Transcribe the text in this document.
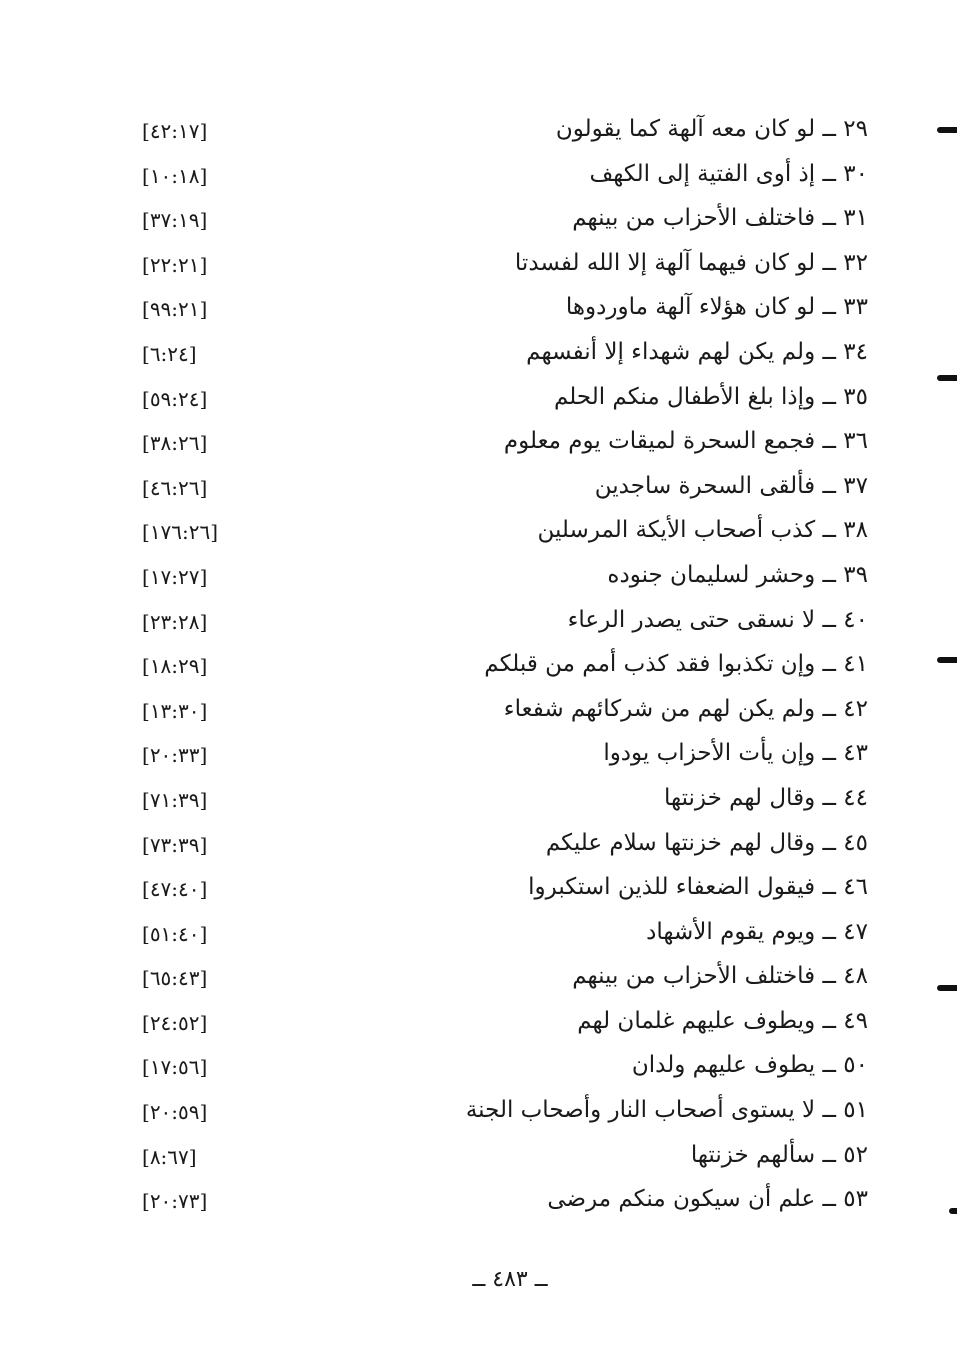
٢٩ ــ لو كان معه آلهة كما يقولون
[٤٢:١٧]
٣٠ ــ إذ أوى الفتية إلى الكهف
[١٠:١٨]
٣١ ــ فاختلف الأحزاب من بينهم
[٣٧:١٩]
٣٢ ــ لو كان فيهما آلهة إلا الله لفسدتا
[٢٢:٢١]
٣٣ ــ لو كان هؤلاء آلهة ماوردوها
[٩٩:٢١]
٣٤ ــ ولم يكن لهم شهداء إلا أنفسهم
[٦:٢٤]
٣٥ ــ وإذا بلغ الأطفال منكم الحلم
[٥٩:٢٤]
٣٦ ــ فجمع السحرة لميقات يوم معلوم
[٣٨:٢٦]
٣٧ ــ فألقى السحرة ساجدين
[٤٦:٢٦]
٣٨ ــ كذب أصحاب الأيكة المرسلين
[١٧٦:٢٦]
٣٩ ــ وحشر لسليمان جنوده
[١٧:٢٧]
٤٠ ــ لا نسقى حتى يصدر الرعاء
[٢٣:٢٨]
٤١ ــ وإن تكذبوا فقد كذب أمم من قبلكم
[١٨:٢٩]
٤٢ ــ ولم يكن لهم من شركائهم شفعاء
[١٣:٣٠]
٤٣ ــ وإن يأت الأحزاب يودوا
[٢٠:٣٣]
٤٤ ــ وقال لهم خزنتها
[٧١:٣٩]
٤٥ ــ وقال لهم خزنتها سلام عليكم
[٧٣:٣٩]
٤٦ ــ فيقول الضعفاء للذين استكبروا
[٤٧:٤٠]
٤٧ ــ ويوم يقوم الأشهاد
[٥١:٤٠]
٤٨ ــ فاختلف الأحزاب من بينهم
[٦٥:٤٣]
٤٩ ــ ويطوف عليهم غلمان لهم
[٢٤:٥٢]
٥٠ ــ يطوف عليهم ولدان
[١٧:٥٦]
٥١ ــ لا يستوى أصحاب النار وأصحاب الجنة
[٢٠:٥٩]
٥٢ ــ سألهم خزنتها
[٨:٦٧]
٥٣ ــ علم أن سيكون منكم مرضى
[٢٠:٧٣]
ــ ٤٨٣ ــ
